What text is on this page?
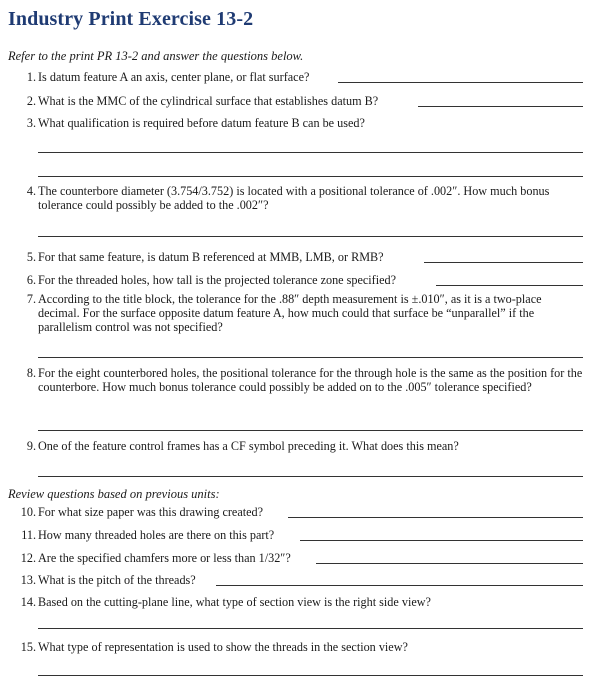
Industry Print Exercise 13-2
Refer to the print PR 13-2 and answer the questions below.
1. Is datum feature A an axis, center plane, or flat surface?
2. What is the MMC of the cylindrical surface that establishes datum B?
3. What qualification is required before datum feature B can be used?
4. The counterbore diameter (3.754/3.752) is located with a positional tolerance of .002″. How much bonus tolerance could possibly be added to the .002″?
5. For that same feature, is datum B referenced at MMB, LMB, or RMB?
6. For the threaded holes, how tall is the projected tolerance zone specified?
7. According to the title block, the tolerance for the .88″ depth measurement is ±.010″, as it is a two-place decimal. For the surface opposite datum feature A, how much could that surface be “unparallel” if the parallelism control was not specified?
8. For the eight counterbored holes, the positional tolerance for the through hole is the same as the position for the counterbore. How much bonus tolerance could possibly be added on to the .005″ tolerance specified?
9. One of the feature control frames has a CF symbol preceding it. What does this mean?
Review questions based on previous units:
10. For what size paper was this drawing created?
11. How many threaded holes are there on this part?
12. Are the specified chamfers more or less than 1/32″?
13. What is the pitch of the threads?
14. Based on the cutting-plane line, what type of section view is the right side view?
15. What type of representation is used to show the threads in the section view?
